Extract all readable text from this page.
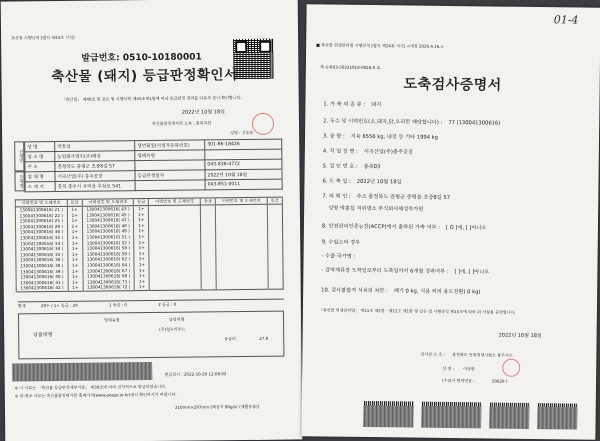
축산법 시행규칙 [별지 제44호 서식]
발급번호: 0510-10180001
축산물 (돼지) 등급판정확인서
「축산법」 제40조 및 같은 법 시행규칙 제45조제1항에 따라 등급판정 결과를 다음과 같이 확인합니다.
2022년 10월 18일
축산물품질평가원 소속 : 충북지원
성명 : 신동윤
신청인
도축장
성 명	박홍섭	생년월일(사업자등록번호)	301-86-18426
업 소 명	농업회사법인(주)해성	업태유형	
주 소	충청북도 증평군 초중8길 57		043-838-4772
업 체 명	서곡산업(주) 충주공장	등급판정일자	2022년 10월 18일
소 재 지	충북 충주시 주덕읍 후삼로 541		043-851-0011
이력번호 및 도체번호	등급	이력번호 및 도체번호	등급	이력번호 및 도체번호	등급	이력번호 및 도체번호	등급
130041300616( 21 )	1+	130041300616( 43 )	1+				
130041300616( 22 )	1+	130041300616( 45 )	1+				
130041300616( 25 )	1+	130041300616( 47 )	1+				
130041300616( 28 )	1+	130041300616( 48 )	1+				
130041300616( 30 )	1+	130041300616( 49 )	1+				
130041300616( 32 )	1+	130041300616( 51 )	1+				
130041300616( 33 )	1+	130041300616( 52 )	1+				
130041300616( 34 )	1+	130041300616( 58 )	1+				
130041300616( 35 )	1+	130041300616( 59 )	1+				
130041300616( 36 )	1+	130041300616( 62 )	1+				
130041300616( 38 )	1+	130041300616( 64 )	1+				
130041300616( 39 )	1+	130041300616( 67 )	1+				
130041300616( 40 )	1+	130041300616( 68 )	1+				
130041300616( 41 )	1+	130041300616( 71 )	1+				
130041300616( 42 )	1+	130041300616( 72 )	1+				
합계	29두 / 1+ 등급 : 29	1 등급 : 0	2 등급 : 0
납품대행
업태유형	납품처명
(주)청누리푸드
등급비	27.8
발급일시 : 2022-10-20 12:08:05
※ 이 서류는 「축산물 등급판정세부기준」 제39조에 따라 전자적으로 발급되었습니다.
※ 위·변조 여부는 축산물품질평가원 홈페이지(www.ekape.or.kr)에서 확인하시기 바랍니다.
210mm×297mm [백상지 80g/㎡ (재활용품)]
01-4
■ 축산물 위생관리법 시행규칙 [별지 제14호 서식] <개정 2020.4.16.>
제 송축03-20221018-0026-0 호
도축검사증명서
1. 가 축 의 종 류 : 돼지
2. 두수 및 이력번호(소,돼지,닭,오리만 해당합니다) : 77 (130041300616)
3. 중 량 : 지육 6556 kg, 내장 등 기타 1994 kg
4. 작 업 장 명 : 서곡산업(주)충주공장
5. 검 인 번 호 : 충북03
6. 도 축 일 : 2022년 10월 18일
7. 의 뢰 인 : 주소 충청북도 증평군 증평읍 초중8길 57
성명 박홍섭 직위명소 주식회사해성목가원
8. 안전관리인증농장(ACCP)에서 출하된 가축 여부 : [ O ]에, [ ]아니오
9. 수입소의 경우
- 수출 국가명 :
- 검역계류장 도착일로부터 도축일까지 6개월 경과여부 : [ ]에, [ ]아니오
10. 검사불합격 식육의 처분 : 폐기 0 kg, 식용 외의 용도전환( 0 kg)
「축산물 위생관리법」 제11조 제1항 · 제12조 제1항 및 같은 법 시행규칙 제13조에 따라 위 사실을 증명합니다.
2022년 10월 18일
검사관 소 속 : 충청북도 동물위생시험소 충주지소
성 명 : 이상한
(수의사 면허번호 :	20629 )
